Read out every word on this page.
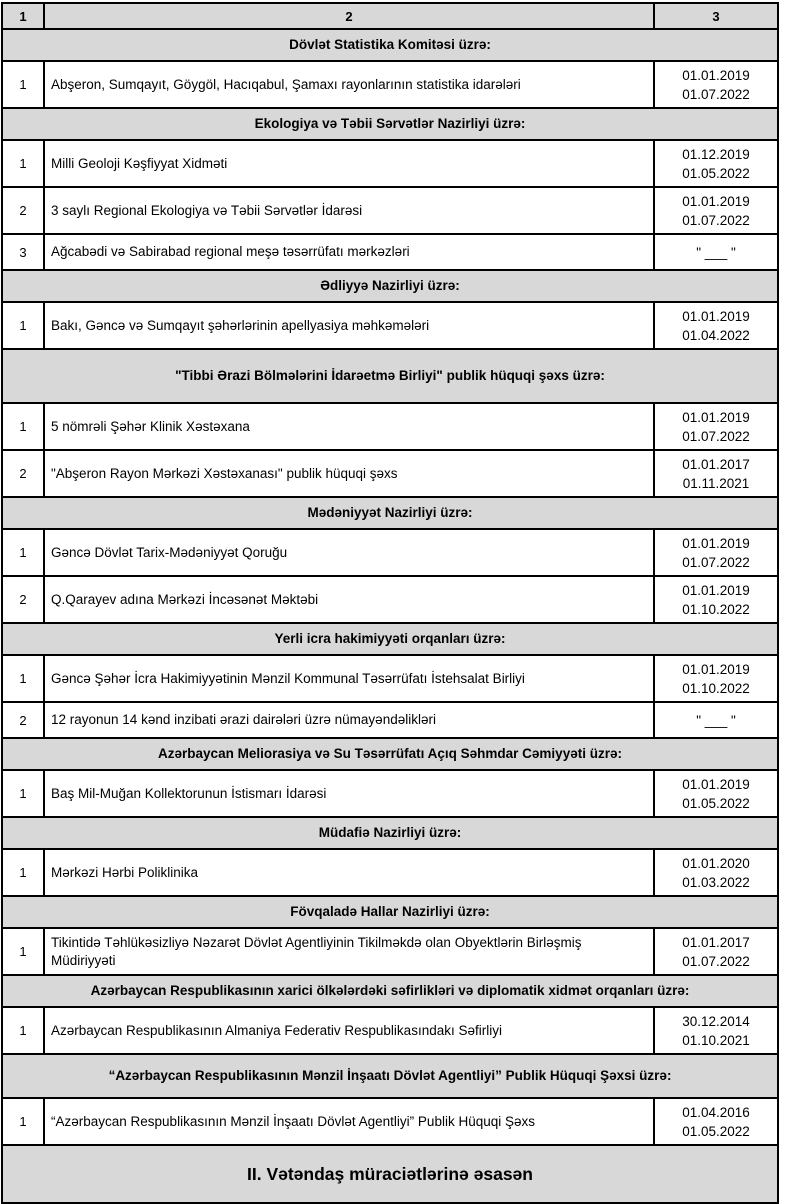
1	2	3
Dövlət Statistika Komitəsi üzrə:		
1	Abşeron, Sumqayıt, Göygöl, Hacıqabul, Şamaxı rayonlarının statistika idarələri	01.01.2019
01.07.2022

Ekologiya və Təbii Sərvətlər Nazirliyi üzrə:		
1	Milli Geoloji Kəşfiyyat Xidməti	01.12.2019
01.05.2022

2	3 saylı Regional Ekologiya və Təbii Sərvətlər İdarəsi	01.01.2019
01.07.2022

3	Ağcabədi və Sabirabad regional meşə təsərrüfatı mərkəzləri	" ___ "

Ədliyyə Nazirliyi üzrə:		
1	Bakı, Gəncə və Sumqayıt şəhərlərinin apellyasiya məhkəmələri	01.01.2019
01.04.2022

"Tibbi Ərazi Bölmələrini İdarəetmə Birliyi" publik hüquqi şəxs üzrə:		
1	5 nömrəli Şəhər Klinik Xəstəxana	01.01.2019
01.07.2022

2	"Abşeron Rayon Mərkəzi Xəstəxanası" publik hüquqi şəxs	01.01.2017
01.11.2021

Mədəniyyət Nazirliyi üzrə:		
1	Gəncə Dövlət Tarix-Mədəniyyət Qoruğu	01.01.2019
01.07.2022

2	Q.Qarayev adına Mərkəzi İncəsənət Məktəbi	01.01.2019
01.10.2022

Yerli icra hakimiyyəti orqanları üzrə:		
1	Gəncə Şəhər İcra Hakimiyyətinin Mənzil Kommunal Təsərrüfatı İstehsalat Birliyi	01.01.2019
01.10.2022

2	12 rayonun 14 kənd inzibati ərazi dairələri üzrə nümayəndəlikləri	" ___ "

Azərbaycan Meliorasiya və Su Təsərrüfatı Açıq Səhmdar Cəmiyyəti üzrə:		
1	Baş Mil-Muğan Kollektorunun İstismarı İdarəsi	01.01.2019
01.05.2022

Müdafiə Nazirliyi üzrə:		
1	Mərkəzi Hərbi Poliklinika	01.01.2020
01.03.2022

Fövqaladə Hallar Nazirliyi üzrə:		
1	Tikintidə Təhlükəsizliyə Nəzarət Dövlət Agentliyinin Tikilməkdə olan Obyektlərin Birləşmiş Müdiriyyəti	01.01.2017
01.07.2022

Azərbaycan Respublikasının xarici ölkələrdəki səfirlikləri və diplomatik xidmət orqanları üzrə:		
1	Azərbaycan Respublikasının Almaniya Federativ Respublikasındakı Səfirliyi	30.12.2014
01.10.2021

“Azərbaycan Respublikasının Mənzil İnşaatı Dövlət Agentliyi” Publik Hüquqi Şəxsi üzrə:		
1	“Azərbaycan Respublikasının Mənzil İnşaatı Dövlət Agentliyi” Publik Hüquqi Şəxs	01.04.2016
01.05.2022

II. Vətəndaş müraciətlərinə əsasən		
